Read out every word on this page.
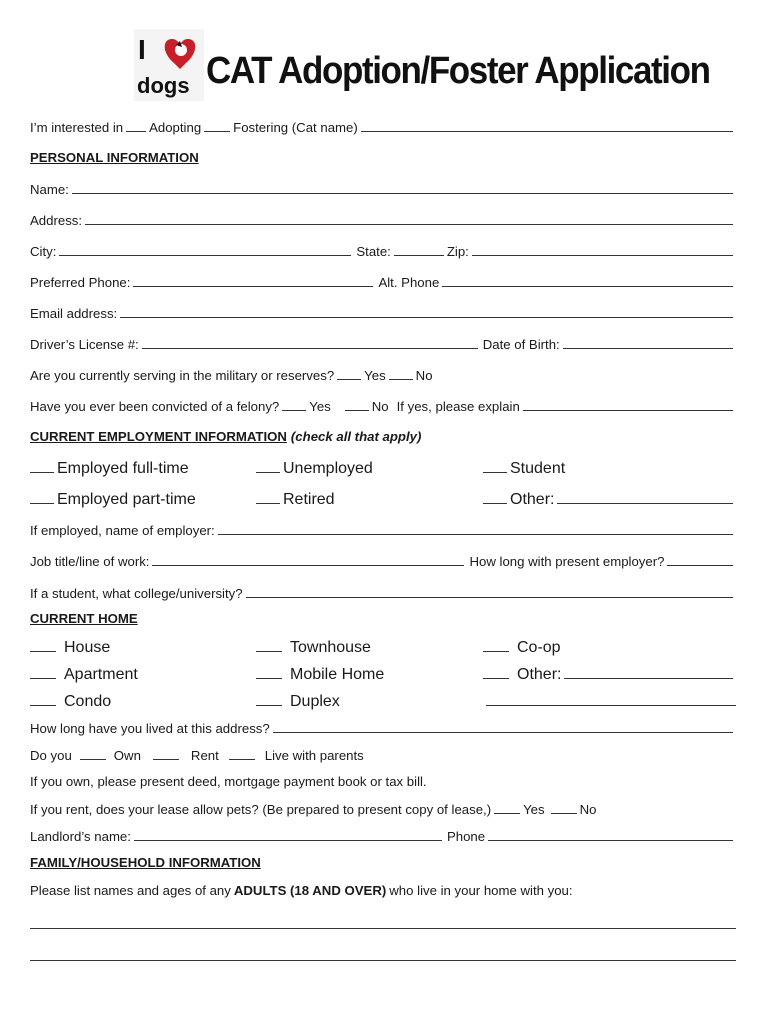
I
dogs CAT Adoption/Foster Application
I’m interested in Adopting Fostering (Cat name)
PERSONAL INFORMATION
Name:
Address:
City:	State:	Zip:
Preferred Phone:	Alt. Phone
Email address:
Driver’s License #:	Date of Birth:
Are you currently serving in the military or reserves? Yes No
Have you ever been convicted of a felony? Yes	No If yes, please explain
CURRENT EMPLOYMENT INFORMATION (check all that apply)
Employed full-time	Unemployed	Student
Employed part-time	Retired	Other:
If employed, name of employer:
Job title/line of work:	How long with present employer?
If a student, what college/university?
CURRENT HOME
House	Townhouse	Co-op
Apartment	Mobile Home	Other:
Condo	Duplex
How long have you lived at this address?
Do you	Own	Rent	Live with parents
If you own, please present deed, mortgage payment book or tax bill.
If you rent, does your lease allow pets? (Be prepared to present copy of lease,) Yes	No
Landlord’s name:	Phone
FAMILY/HOUSEHOLD INFORMATION
Please list names and ages of any ADULTS (18 AND OVER) who live in your home with you:
